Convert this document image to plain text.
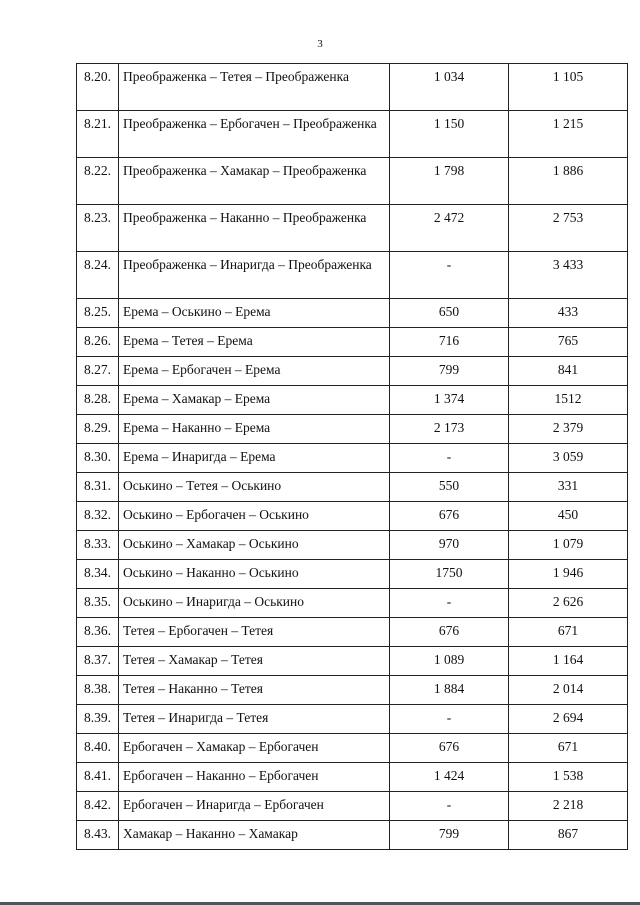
3
8.20.	Преображенка – Тетея – Преображенка	1 034	1 105
8.21.	Преображенка – Ербогачен – Преображенка	1 150	1 215
8.22.	Преображенка – Хамакар – Преображенка	1 798	1 886
8.23.	Преображенка – Наканно – Преображенка	2 472	2 753
8.24.	Преображенка – Инаригда – Преображенка	-	3 433
8.25.	Ерема – Оськино – Ерема	650	433
8.26.	Ерема – Тетея – Ерема	716	765
8.27.	Ерема – Ербогачен – Ерема	799	841
8.28.	Ерема – Хамакар – Ерема	1 374	1512
8.29.	Ерема – Наканно – Ерема	2 173	2 379
8.30.	Ерема – Инаригда – Ерема	-	3 059
8.31.	Оськино – Тетея – Оськино	550	331
8.32.	Оськино – Ербогачен – Оськино	676	450
8.33.	Оськино – Хамакар – Оськино	970	1 079
8.34.	Оськино – Наканно – Оськино	1750	1 946
8.35.	Оськино – Инаригда – Оськино	-	2 626
8.36.	Тетея – Ербогачен – Тетея	676	671
8.37.	Тетея – Хамакар – Тетея	1 089	1 164
8.38.	Тетея – Наканно – Тетея	1 884	2 014
8.39.	Тетея – Инаригда – Тетея	-	2 694
8.40.	Ербогачен – Хамакар – Ербогачен	676	671
8.41.	Ербогачен – Наканно – Ербогачен	1 424	1 538
8.42.	Ербогачен – Инаригда – Ербогачен	-	2 218
8.43.	Хамакар – Наканно – Хамакар	799	867
